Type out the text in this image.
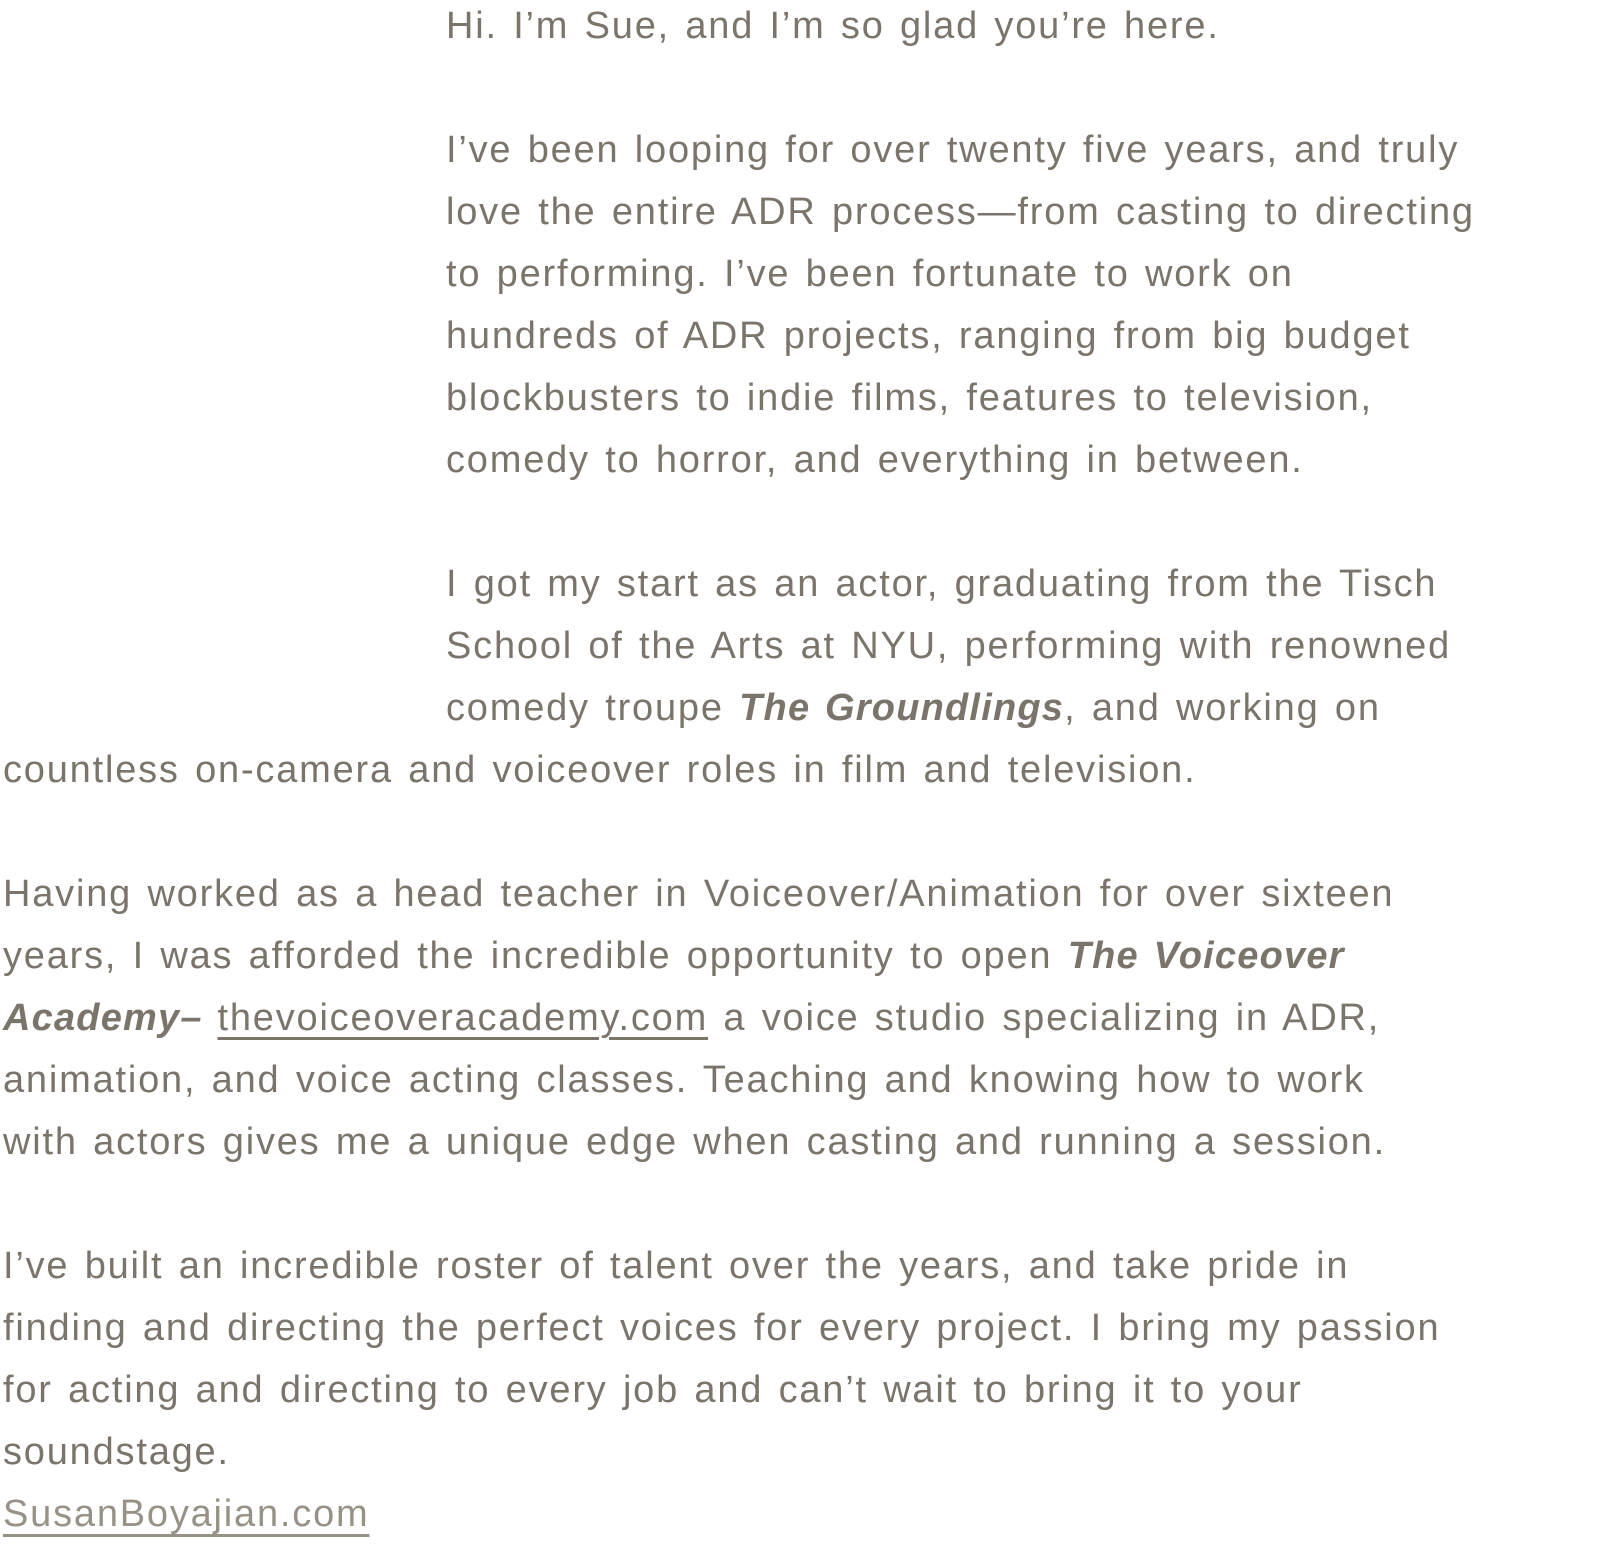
Hi. I’m Sue, and I’m so glad you’re here.
I’ve been looping for over twenty five years, and truly
love the entire ADR process—from casting to directing
to performing. I’ve been fortunate to work on
hundreds of ADR projects, ranging from big budget
blockbusters to indie films, features to television,
comedy to horror, and everything in between.
I got my start as an actor, graduating from the Tisch
School of the Arts at NYU, performing with renowned
comedy troupe The Groundlings, and working on
countless on-camera and voiceover roles in film and television.
Having worked as a head teacher in Voiceover/Animation for over sixteen
years, I was afforded the incredible opportunity to open The Voiceover
Academy– thevoiceoveracademy.com a voice studio specializing in ADR,
animation, and voice acting classes. Teaching and knowing how to work
with actors gives me a unique edge when casting and running a session.
I’ve built an incredible roster of talent over the years, and take pride in
finding and directing the perfect voices for every project. I bring my passion
for acting and directing to every job and can’t wait to bring it to your
soundstage.
SusanBoyajian.com
